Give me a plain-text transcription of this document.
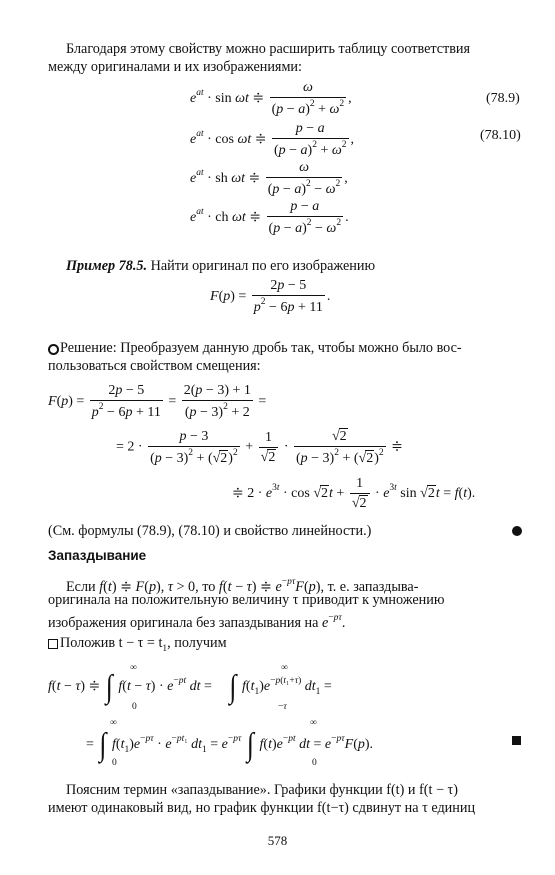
Благодаря этому свойству можно расширить таблицу соответствия
между оригиналами и их изображениями:
$e^{at} \cdot \sin \omega t$ ≑ $\frac{\omega}{(p - a)^2 + \omega^2}$ ,	(78.9)
$e^{at} \cdot \cos \omega t$ ≑ $\frac{p - a}{(p - a)^2 + \omega^2}$ ,	(78.10)
$e^{at}$ · sh ωt ≑ $\frac{\omega}{(p - a)^2 - \omega^2}$ ,
$e^{at}$ · ch ωt ≑ $\frac{p - a}{(p - a)^2 - \omega^2}$ .
Пример 78.5. Найти оригинал по его изображению
$F(p) = \frac{2p - 5}{p^2 - 6p + 11}$ .
Решение: Преобразуем данную дробь так, чтобы можно было вос-
пользоваться свойством смещения:
$F(p) = \frac{2p - 5}{p^2 - 6p + 11} = \frac{2(p - 3) + 1}{(p - 3)^2 + 2}$ =
= $2 \cdot \frac{p - 3}{(p - 3)^2 + (√2)^2} + \frac{1}{√2} \cdot \frac{√2}{(p - 3)^2 + (√2)^2}$ ≑
≑ $2 \cdot e^{3t} \cdot \cos √2t + \frac{1}{√2} \cdot e^{3t}$ sin √2t = f(t).
(См. формулы (78.9), (78.10) и свойство линейности.)
Запаздывание
Если f(t) ≑ F(p), τ > 0, то f(t − τ) ≑ $e^{-p\tau}F(p)$, т. е. запаздыва-
оригинала на положительную величину τ приводит к умножению
изображения оригинала без запаздывания на $e^{-p\tau}$.
Положив $t - \tau = t_1$, получим
f(t − τ) ≑ ∫ $f(t - \tau) \cdot e^{-pt}$ dt = ∫ $f(t_1)e^{-p(t_1+\tau)}$ $dt_1$ =
∞
0
∞
−τ
= ∫ $f(t_1)e^{-p\tau} \cdot e^{-pt_1}$ $dt_1 = e^{-p\tau}$ ∫ $f(t)e^{-pt}$ dt = $e^{-p\tau}F(p)$.
∞
0
∞
0
Поясним термин «запаздывание». Графики функции f(t) и f(t − τ)
имеют одинаковый вид, но график функции f(t−τ) сдвинут на τ единиц
578
